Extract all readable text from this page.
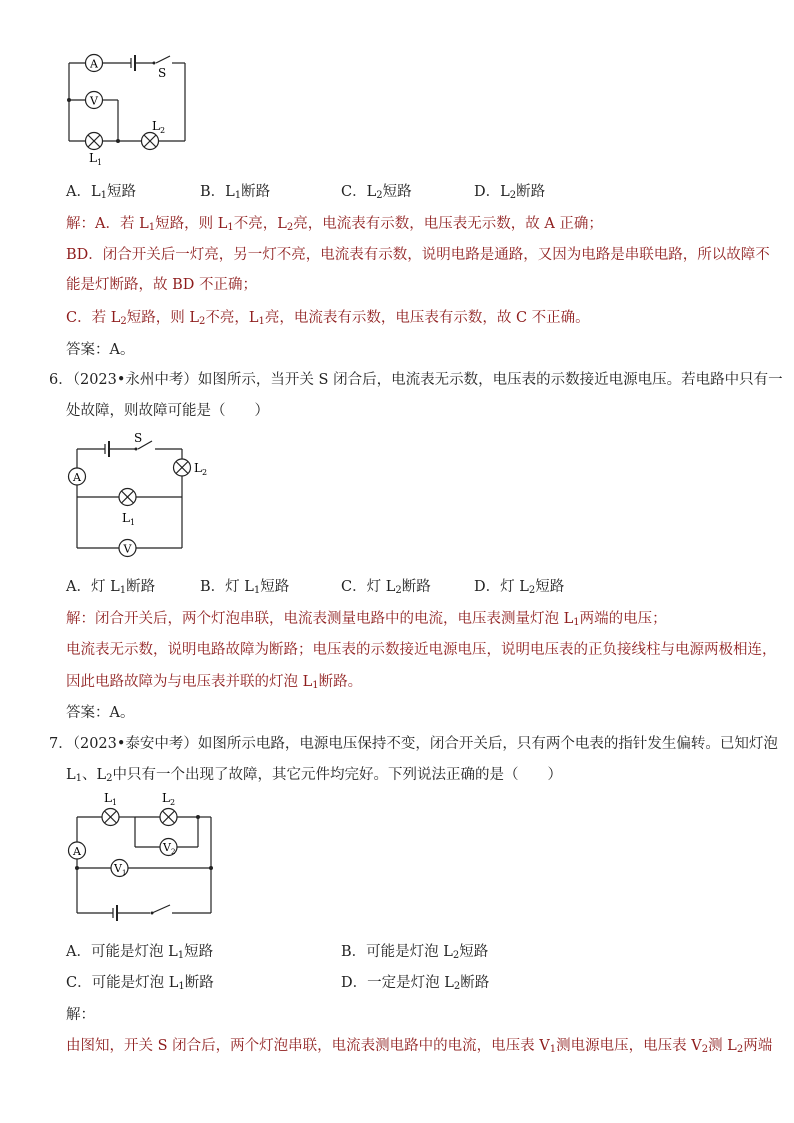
A
V
S
$L_2$
$L_1$
A．$L_1$短路	B．$L_1$断路	C．$L_2$短路	D．$L_2$断路
解：A．若 $L_1$短路，则 $L_1$不亮，$L_2$亮，电流表有示数，电压表无示数，故 A 正确；
BD．闭合开关后一灯亮，另一灯不亮，电流表有示数，说明电路是通路，又因为电路是串联电路，所以故障不
能是灯断路，故 BD 不正确；
C．若 $L_2$短路，则 $L_2$不亮，$L_1$亮，电流表有示数，电压表有示数，故 C 不正确。
答案：A。
6．（2023•永州中考）如图所示，当开关 S 闭合后，电流表无示数，电压表的示数接近电源电压。若电路中只有一
处故障，则故障可能是（　　）
S
A
V
$L_2$
$L_1$
A．灯 $L_1$断路	B．灯 $L_1$短路	C．灯 $L_2$断路	D．灯 $L_2$短路
解：闭合开关后，两个灯泡串联，电流表测量电路中的电流，电压表测量灯泡 $L_1$两端的电压；
电流表无示数，说明电路故障为断路；电压表的示数接近电源电压，说明电压表的正负接线柱与电源两极相连，
因此电路故障为与电压表并联的灯泡 $L_1$断路。
答案：A。
7．（2023•泰安中考）如图所示电路，电源电压保持不变，闭合开关后，只有两个电表的指针发生偏转。已知灯泡
$L_1$、$L_2$中只有一个出现了故障，其它元件均完好。下列说法正确的是（　　）
A
$V_1$
$V_2$
$L_1$	$L_2$
A．可能是灯泡 $L_1$短路	B．可能是灯泡 $L_2$短路
C．可能是灯泡 $L_1$断路	D．一定是灯泡 $L_2$断路
解：
由图知，开关 S 闭合后，两个灯泡串联，电流表测电路中的电流，电压表 $V_1$测电源电压，电压表 $V_2$测 $L_2$两端
